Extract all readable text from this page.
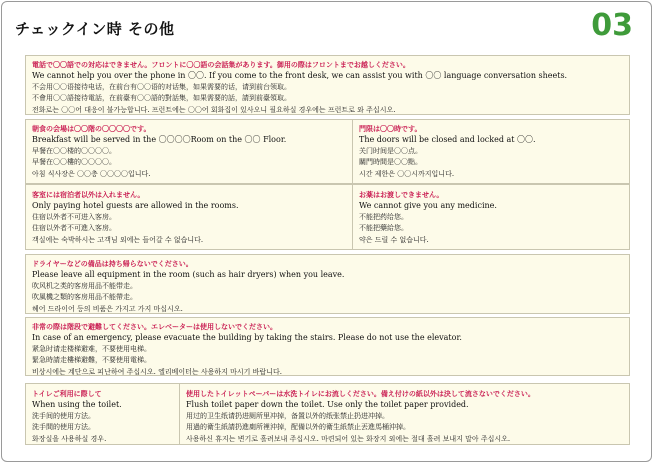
チェックイン時 その他	03
電話で〇〇語での対応はできません。フロントに〇〇語の会話集があります。御用の際はフロントまでお越しください。
We cannot help you over the phone in 〇〇. If you come to the front desk, we can assist you with 〇〇 language conversation sheets.
不会用〇〇语接待电话，在前台有〇〇语的对话集，如果需要的话，请到前台领取。
不會用〇〇語接待電話，在前臺有〇〇語的對話集，如果需要的話，請到前臺領取。
전화로는 〇〇어 대응이 불가능합니다. 프런트에는 〇〇어 회화집이 있사오니 필요하실 경우에는 프런트로 와 주십시오.
朝食の会場は〇〇階の〇〇〇〇です。
Breakfast will be served in the 〇〇〇〇Room on the 〇〇 Floor.
早餐在〇〇楼的〇〇〇〇。
早餐在〇〇樓的〇〇〇〇。
아침 식사장은 〇〇층 〇〇〇〇입니다.
門限は〇〇時です。
The doors will be closed and locked at 〇〇.
关门时间是〇〇点。
關門時間是〇〇點。
시간 제한은 〇〇시까지입니다.
客室には宿泊者以外は入れません。
Only paying hotel guests are allowed in the rooms.
住宿以外者不可进入客房。
住宿以外者不可進入客房。
객실에는 숙박하시는 고객님 외에는 들어갈 수 없습니다.
お薬はお渡しできません。
We cannot give you any medicine.
不能把药给您。
不能把藥給您。
약은 드릴 수 없습니다.
ドライヤーなどの備品は持ち帰らないでください。
Please leave all equipment in the room (such as hair dryers) when you leave.
吹风机之类的客房用品不能带走。
吹風機之類的客房用品不能帶走。
헤어 드라이어 등의 비품은 가지고 가지 마십시오.
非常の際は階段で避難してください。エレベーターは使用しないでください。
In case of an emergency, please evacuate the building by taking the stairs. Please do not use the elevator.
紧急时请走楼梯避难，不要使用电梯。
緊急時請走樓梯避難，不要使用電梯。
비상시에는 계단으로 피난하여 주십시오. 엘리베이터는 사용하지 마시기 바랍니다.
トイレご利用に際して
When using the toilet.
洗手间的使用方法。
洗手間的使用方法。
화장실을 사용하실 경우.
使用したトイレットペーパーは水洗トイレにお流しください。備え付けの紙以外は決して流さないでください。
Flush toilet paper down the toilet. Use only the toilet paper provided.
用过的卫生纸请扔进厕所里冲掉，备置以外的纸张禁止扔进冲掉。
用過的衛生紙請扔進廁所裡沖掉，配備以外的衛生紙禁止丟進馬桶沖掉。
사용하신 휴지는 변기로 흘려보내 주십시오. 마련되어 있는 화장지 외에는 절대 흘려 보내지 말아 주십시오.
